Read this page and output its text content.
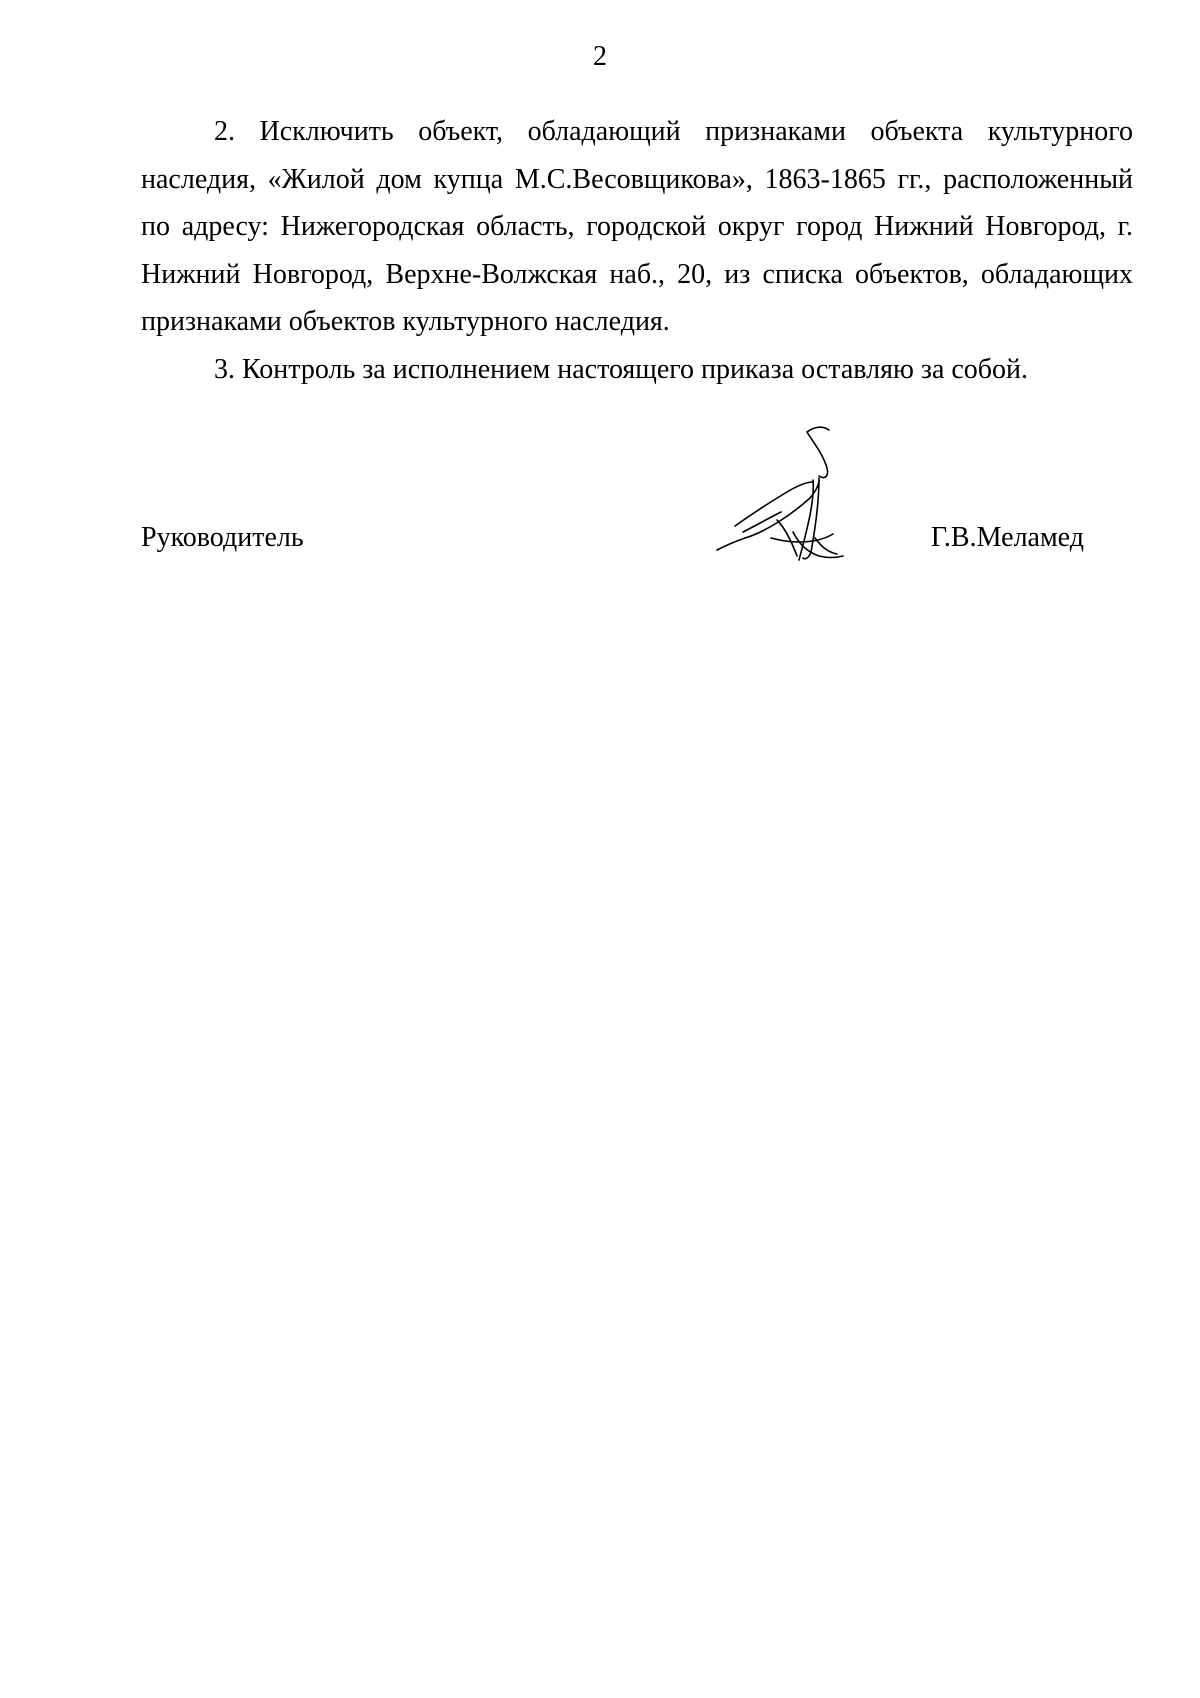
2

2. Исключить объект, обладающий признаками объекта культурного наследия, «Жилой дом купца М.С.Весовщикова», 1863-1865 гг., расположенный по адресу: Нижегородская область, городской округ город Нижний Новгород, г. Нижний Новгород, Верхне-Волжская наб., 20, из списка объектов, обладающих признаками объектов культурного наследия.

3. Контроль за исполнением настоящего приказа оставляю за собой.

Руководитель	Г.В.Меламед
